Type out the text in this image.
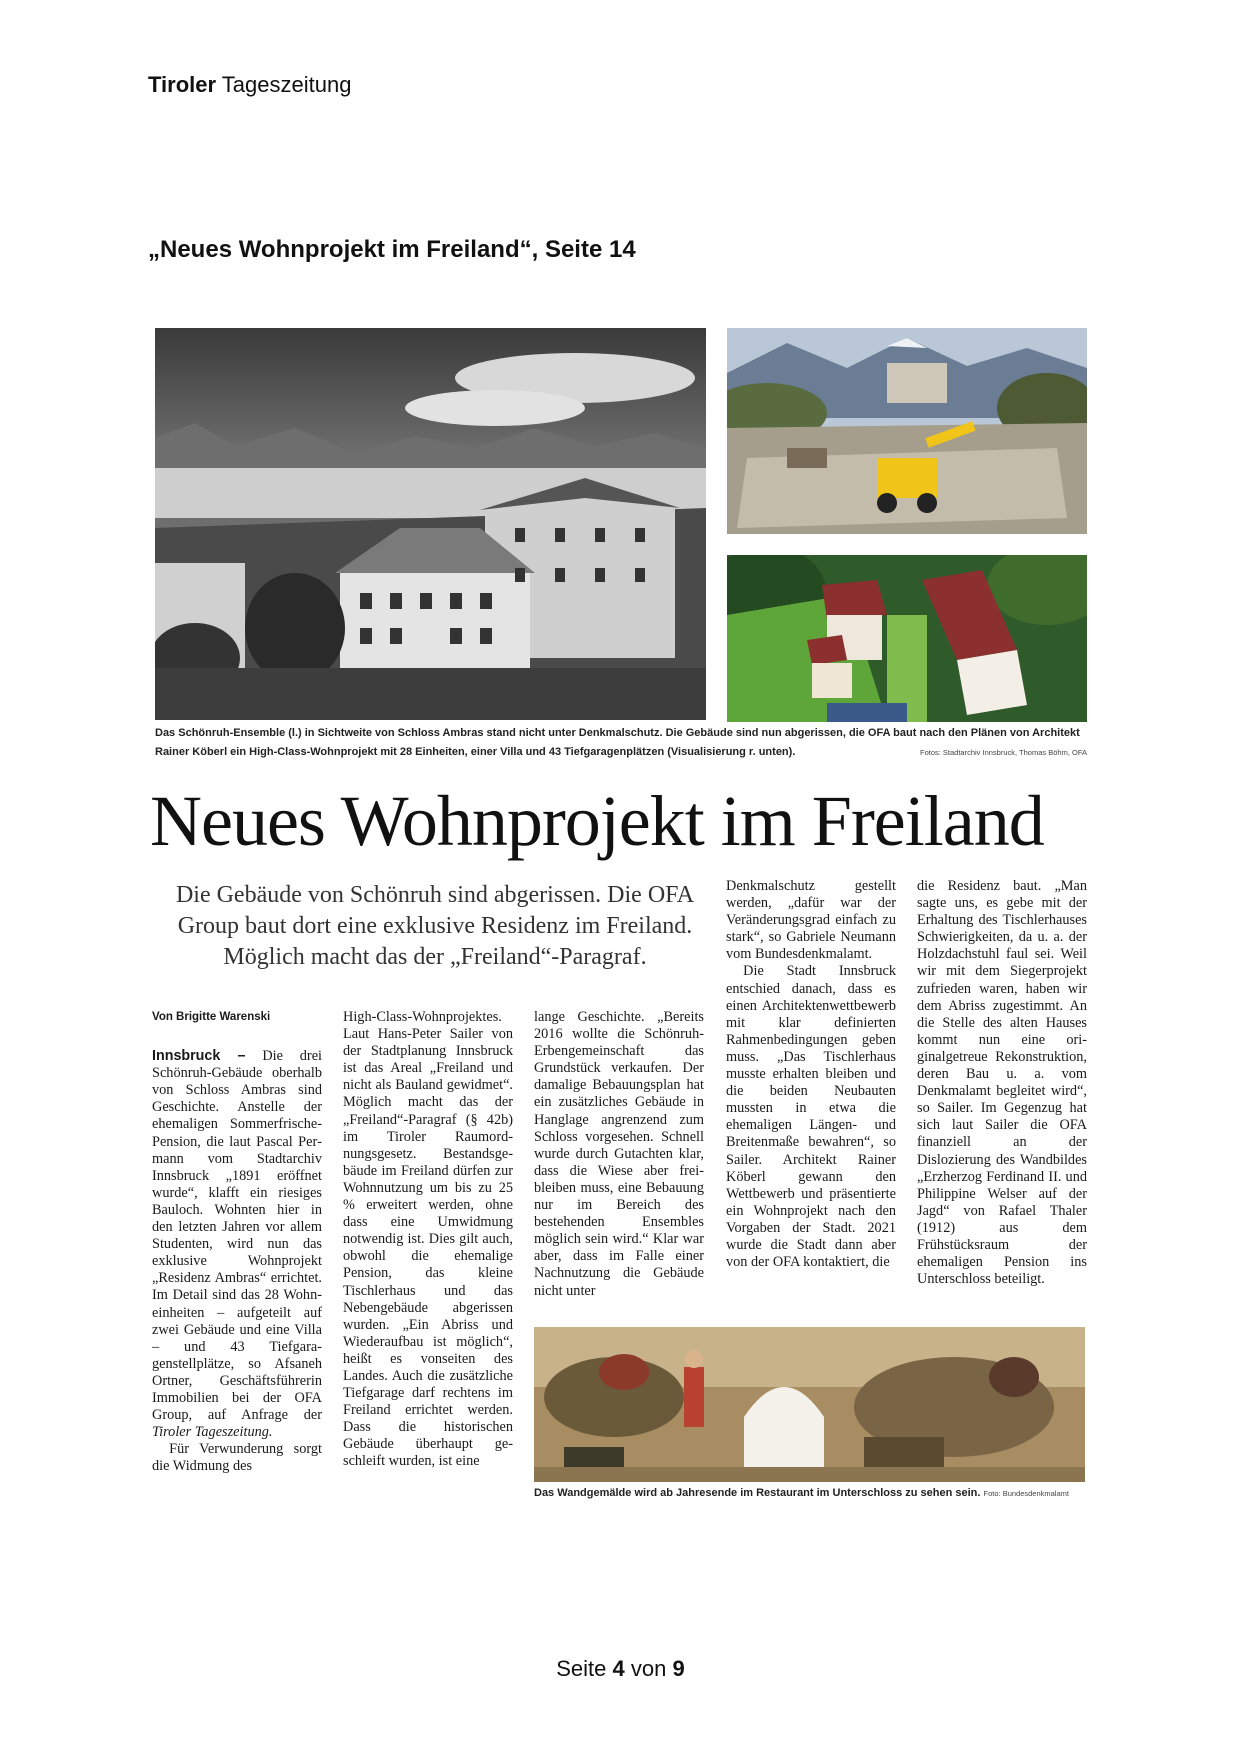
Tiroler Tageszeitung
„Neues Wohnprojekt im Freiland“, Seite 14
Das Schönruh-Ensemble (l.) in Sichtweite von Schloss Ambras stand nicht unter Denkmalschutz. Die Gebäude sind nun abgerissen, die OFA baut nach den Plänen von Architekt Rainer Köberl ein High-Class-Wohnprojekt mit 28 Einheiten, einer Villa und 43 Tiefgaragenplätzen (Visualisierung r. unten).	Fotos: Stadtarchiv Innsbruck, Thomas Böhm, OFA
Neues Wohnprojekt im Freiland
Die Gebäude von Schönruh sind abgerissen. Die OFA Group baut dort eine exklusive Residenz im Freiland. Möglich macht das der „Freiland“-Paragraf.

Von Brigitte Warenski

Innsbruck – Die drei Schönruh-Gebäude oberhalb von Schloss Ambras sind Geschichte. Anstelle der ehemaligen Sommerfrische-Pension, die laut Pascal Permann vom Stadtarchiv Innsbruck „1891 eröffnet wurde“, klafft ein riesiges Bauloch. Wohnten hier in den letzten Jahren vor allem Studenten, wird nun das exklusive Wohnprojekt „Residenz Ambras“ errichtet. Im Detail sind das 28 Wohneinheiten – aufgeteilt auf zwei Gebäude und eine Villa – und 43 Tiefgaragenstellplätze, so Afsaneh Ortner, Geschäftsführerin Immobilien bei der OFA Group, auf Anfrage der Tiroler Tageszeitung.

Für Verwunderung sorgt die Widmung des

High-Class-Wohnprojektes. Laut Hans-Peter Sailer von der Stadtplanung Innsbruck ist das Areal „Freiland und nicht als Bauland gewidmet“. Möglich macht das der „Freiland“-Paragraf (§ 42b) im Tiroler Raumordnungsgesetz. Bestandsgebäude im Freiland dürfen zur Wohnnutzung um bis zu 25 % erweitert werden, ohne dass eine Umwidmung notwendig ist. Dies gilt auch, obwohl die ehemalige Pension, das kleine Tischlerhaus und das Nebengebäude abgerissen wurden. „Ein Abriss und Wiederaufbau ist möglich“, heißt es vonseiten des Landes. Auch die zusätzliche Tiefgarage darf rechtens im Freiland errichtet werden. Dass die historischen Gebäude überhaupt geschleift wurden, ist eine

lange Geschichte. „Bereits 2016 wollte die Schönruh-Erbengemeinschaft das Grundstück verkaufen. Der damalige Bebauungsplan hat ein zusätzliches Gebäude in Hanglage angrenzend zum Schloss vorgesehen. Schnell wurde durch Gutachten klar, dass die Wiese aber freibleiben muss, eine Bebauung nur im Bereich des bestehenden Ensembles möglich sein wird.“ Klar war aber, dass im Falle einer Nachnutzung die Gebäude nicht unter

Denkmalschutz gestellt werden, „dafür war der Veränderungsgrad einfach zu stark“, so Gabriele Neumann vom Bundesdenkmalamt.

Die Stadt Innsbruck entschied danach, dass es einen Architektenwettbewerb mit klar definierten Rahmenbedingungen geben muss. „Das Tischlerhaus musste erhalten bleiben und die beiden Neubauten mussten in etwa die ehemaligen Längen- und Breitenmaße bewahren“, so Sailer. Architekt Rainer Köberl gewann den Wettbewerb und präsentierte ein Wohnprojekt nach den Vorgaben der Stadt. 2021 wurde die Stadt dann aber von der OFA kontaktiert, die

die Residenz baut. „Man sagte uns, es gebe mit der Erhaltung des Tischlerhauses Schwierigkeiten, da u. a. der Holzdachstuhl faul sei. Weil wir mit dem Siegerprojekt zufrieden waren, haben wir dem Abriss zugestimmt. An die Stelle des alten Hauses kommt nun eine originalgetreue Rekonstruktion, deren Bau u. a. vom Denkmalamt begleitet wird“, so Sailer. Im Gegenzug hat sich laut Sailer die OFA finanziell an der Dislozierung des Wandbildes „Erzherzog Ferdinand II. und Philippine Welser auf der Jagd“ von Rafael Thaler (1912) aus dem Frühstücksraum der ehemaligen Pension ins Unterschloss beteiligt.

Das Wandgemälde wird ab Jahresende im Restaurant im Unterschloss zu sehen sein. Foto: Bundesdenkmalamt
Seite 4 von 9
